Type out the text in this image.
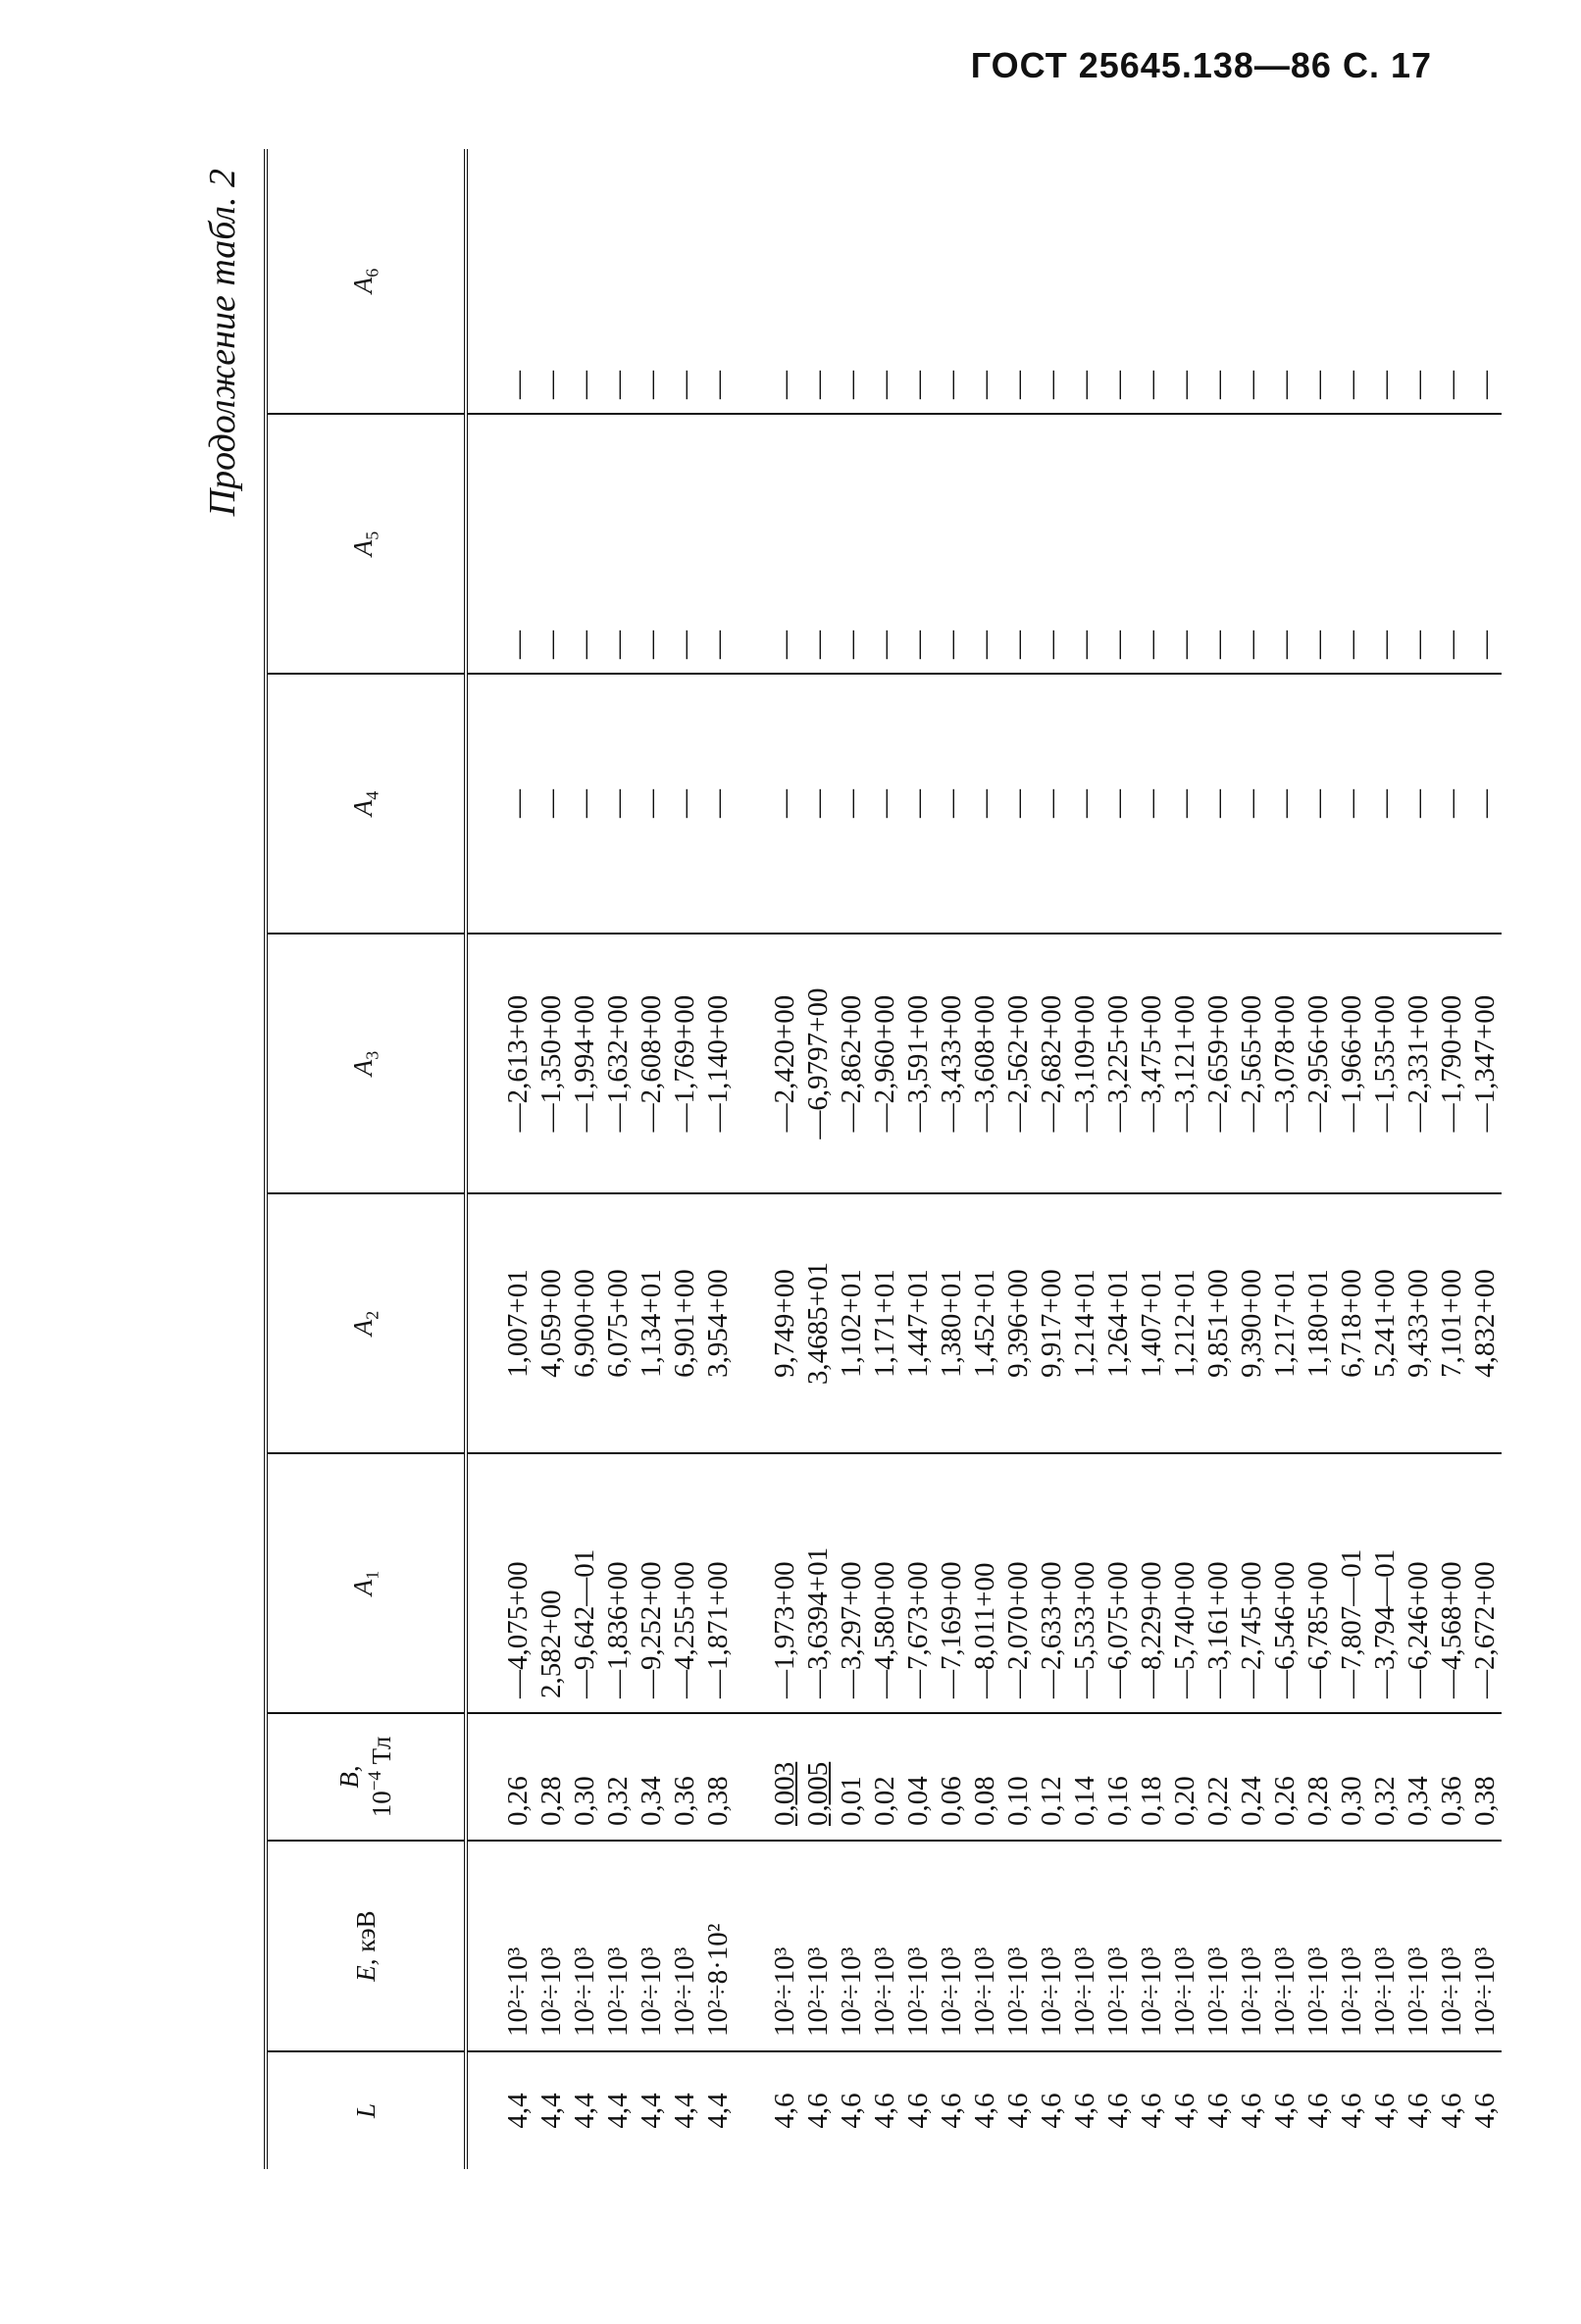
ГОСТ 25645.138—86 С. 17
Продолжение табл. 2
L	E, кэВ	B,
$10^{-4}$ Тл	$A_1$	$A_2$	$A_3$	$A_4$	$A_5$	$A_6$

4,4	10²÷10³	0,26	—4,075+00	1,007+01	—2,613+00	—	—	—
4,4	10²÷10³	0,28	2,582+00	4,059+00	—1,350+00	—	—	—
4,4	10²÷10³	0,30	—9,642—01	6,900+00	—1,994+00	—	—	—
4,4	10²÷10³	0,32	—1,836+00	6,075+00	—1,632+00	—	—	—
4,4	10²÷10³	0,34	—9,252+00	1,134+01	—2,608+00	—	—	—
4,4	10²÷10³	0,36	—4,255+00	6,901+00	—1,769+00	—	—	—
4,4	10²÷8·10²	0,38	—1,871+00	3,954+00	—1,140+00	—	—	—

4,6	10²÷10³	0,003	—1,973+00	9,749+00	—2,420+00	—	—	—
4,6	10²÷10³	0,005	—3,6394+01	3,4685+01	—6,9797+00	—	—	—
4,6	10²÷10³	0,01	—3,297+00	1,102+01	—2,862+00	—	—	—
4,6	10²÷10³	0,02	—4,580+00	1,171+01	—2,960+00	—	—	—
4,6	10²÷10³	0,04	—7,673+00	1,447+01	—3,591+00	—	—	—
4,6	10²÷10³	0,06	—7,169+00	1,380+01	—3,433+00	—	—	—
4,6	10²÷10³	0,08	—8,011+00	1,452+01	—3,608+00	—	—	—
4,6	10²÷10³	0,10	—2,070+00	9,396+00	—2,562+00	—	—	—
4,6	10²÷10³	0,12	—2,633+00	9,917+00	—2,682+00	—	—	—
4,6	10²÷10³	0,14	—5,533+00	1,214+01	—3,109+00	—	—	—
4,6	10²÷10³	0,16	—6,075+00	1,264+01	—3,225+00	—	—	—
4,6	10²÷10³	0,18	—8,229+00	1,407+01	—3,475+00	—	—	—
4,6	10²÷10³	0,20	—5,740+00	1,212+01	—3,121+00	—	—	—
4,6	10²÷10³	0,22	—3,161+00	9,851+00	—2,659+00	—	—	—
4,6	10²÷10³	0,24	—2,745+00	9,390+00	—2,565+00	—	—	—
4,6	10²÷10³	0,26	—6,546+00	1,217+01	—3,078+00	—	—	—
4,6	10²÷10³	0,28	—6,785+00	1,180+01	—2,956+00	—	—	—
4,6	10²÷10³	0,30	—7,807—01	6,718+00	—1,966+00	—	—	—
4,6	10²÷10³	0,32	—3,794—01	5,241+00	—1,535+00	—	—	—
4,6	10²÷10³	0,34	—6,246+00	9,433+00	—2,331+00	—	—	—
4,6	10²÷10³	0,36	—4,568+00	7,101+00	—1,790+00	—	—	—
4,6	10²÷10³	0,38	—2,672+00	4,832+00	—1,347+00	—	—	—
